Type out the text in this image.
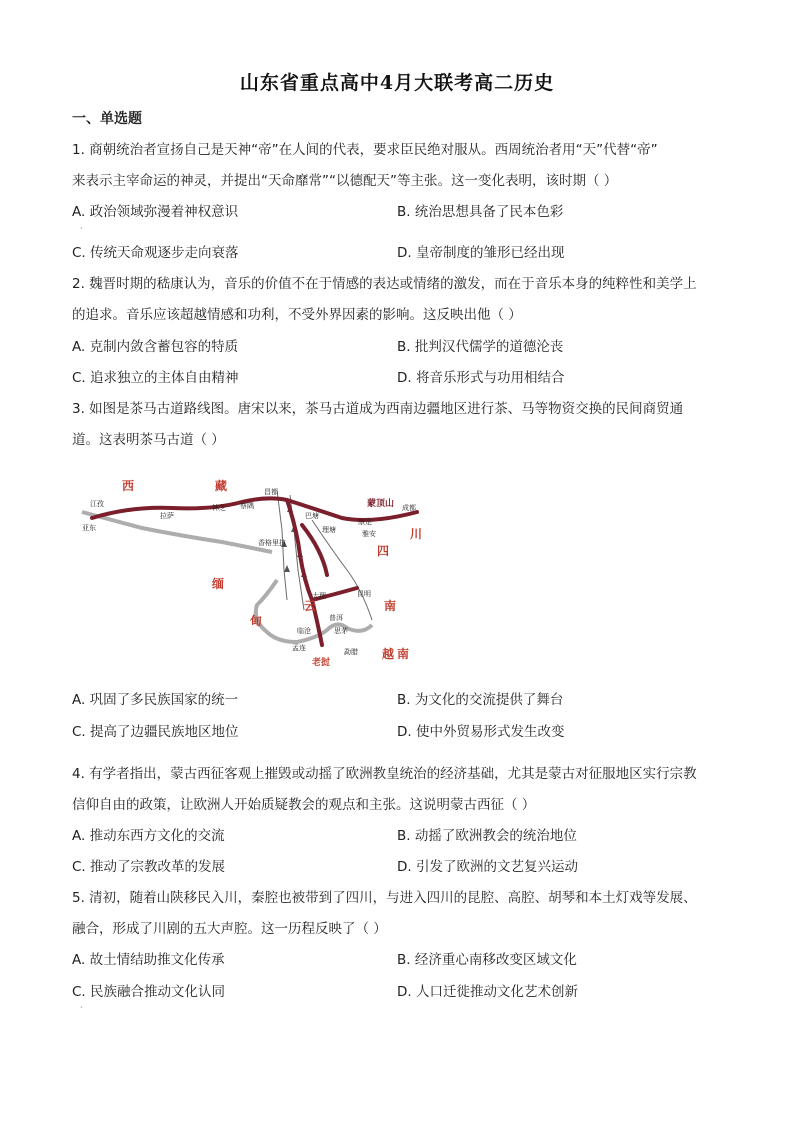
山东省重点高中4月大联考高二历史
一、单选题
1. 商朝统治者宣扬自己是天神“帝”在人间的代表，要求臣民绝对服从。西周统治者用“天”代替“帝”
来表示主宰命运的神灵，并提出“天命靡常”“以德配天”等主张。这一变化表明，该时期（ ）
A. 政治领域弥漫着神权意识	B. 统治思想具备了民本色彩
·
C. 传统天命观逐步走向衰落	D. 皇帝制度的雏形已经出现
2. 魏晋时期的嵇康认为，音乐的价值不在于情感的表达或情绪的激发，而在于音乐本身的纯粹性和美学上
的追求。音乐应该超越情感和功利，不受外界因素的影响。这反映出他（ ）
A. 克制内敛含蓄包容的特质	B. 批判汉代儒学的道德沦丧
C. 追求独立的主体自由精神	D. 将音乐形式与功用相结合
3. 如图是茶马古道路线图。唐宋以来，茶马古道成为西南边疆地区进行茶、马等物资交换的民间商贸通
道。这表明茶马古道（ ）
西	藏
四
川
缅
甸
云	南
越 南
老挝
江孜
亚东
拉萨
林芝
昌都
察隅
巴塘
康定
成都
雅安
大理	昆明
普洱
临沧	思茅
孟连	勐腊
香格里拉
理塘
蒙顶山
A. 巩固了多民族国家的统一	B. 为文化的交流提供了舞台
C. 提高了边疆民族地区地位	D. 使中外贸易形式发生改变
4. 有学者指出，蒙古西征客观上摧毁或动摇了欧洲教皇统治的经济基础，尤其是蒙古对征服地区实行宗教
信仰自由的政策，让欧洲人开始质疑教会的观点和主张。这说明蒙古西征（ ）
A. 推动东西方文化的交流	B. 动摇了欧洲教会的统治地位
C. 推动了宗教改革的发展	D. 引发了欧洲的文艺复兴运动
5. 清初，随着山陕移民入川，秦腔也被带到了四川，与进入四川的昆腔、高腔、胡琴和本土灯戏等发展、
融合，形成了川剧的五大声腔。这一历程反映了（ ）
A. 故土情结助推文化传承	B. 经济重心南移改变区域文化
C. 民族融合推动文化认同	D. 人口迁徙推动文化艺术创新
·
